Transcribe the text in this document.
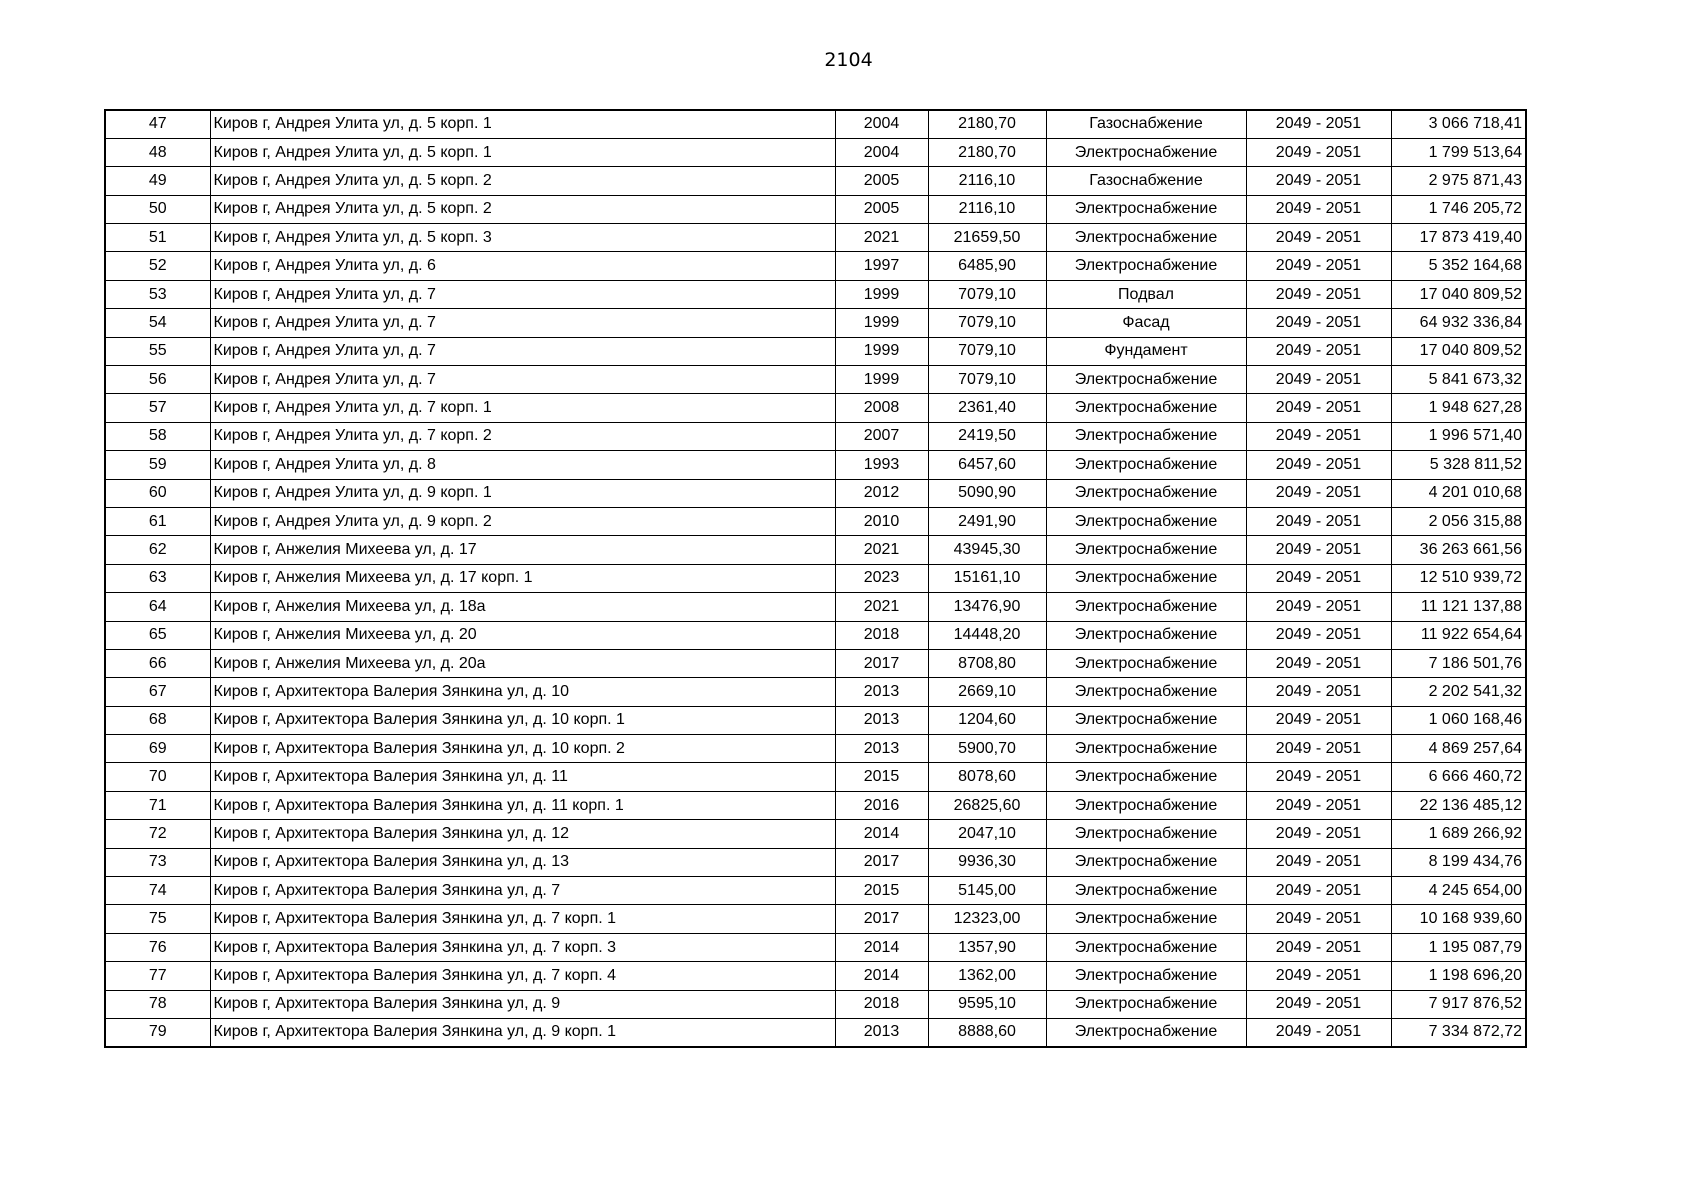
2104
47	Киров г, Андрея Улита ул, д. 5 корп. 1	2004	2180,70	Газоснабжение	2049 - 2051	3 066 718,41
48	Киров г, Андрея Улита ул, д. 5 корп. 1	2004	2180,70	Электроснабжение	2049 - 2051	1 799 513,64
49	Киров г, Андрея Улита ул, д. 5 корп. 2	2005	2116,10	Газоснабжение	2049 - 2051	2 975 871,43
50	Киров г, Андрея Улита ул, д. 5 корп. 2	2005	2116,10	Электроснабжение	2049 - 2051	1 746 205,72
51	Киров г, Андрея Улита ул, д. 5 корп. 3	2021	21659,50	Электроснабжение	2049 - 2051	17 873 419,40
52	Киров г, Андрея Улита ул, д. 6	1997	6485,90	Электроснабжение	2049 - 2051	5 352 164,68
53	Киров г, Андрея Улита ул, д. 7	1999	7079,10	Подвал	2049 - 2051	17 040 809,52
54	Киров г, Андрея Улита ул, д. 7	1999	7079,10	Фасад	2049 - 2051	64 932 336,84
55	Киров г, Андрея Улита ул, д. 7	1999	7079,10	Фундамент	2049 - 2051	17 040 809,52
56	Киров г, Андрея Улита ул, д. 7	1999	7079,10	Электроснабжение	2049 - 2051	5 841 673,32
57	Киров г, Андрея Улита ул, д. 7 корп. 1	2008	2361,40	Электроснабжение	2049 - 2051	1 948 627,28
58	Киров г, Андрея Улита ул, д. 7 корп. 2	2007	2419,50	Электроснабжение	2049 - 2051	1 996 571,40
59	Киров г, Андрея Улита ул, д. 8	1993	6457,60	Электроснабжение	2049 - 2051	5 328 811,52
60	Киров г, Андрея Улита ул, д. 9 корп. 1	2012	5090,90	Электроснабжение	2049 - 2051	4 201 010,68
61	Киров г, Андрея Улита ул, д. 9 корп. 2	2010	2491,90	Электроснабжение	2049 - 2051	2 056 315,88
62	Киров г, Анжелия Михеева ул, д. 17	2021	43945,30	Электроснабжение	2049 - 2051	36 263 661,56
63	Киров г, Анжелия Михеева ул, д. 17 корп. 1	2023	15161,10	Электроснабжение	2049 - 2051	12 510 939,72
64	Киров г, Анжелия Михеева ул, д. 18а	2021	13476,90	Электроснабжение	2049 - 2051	11 121 137,88
65	Киров г, Анжелия Михеева ул, д. 20	2018	14448,20	Электроснабжение	2049 - 2051	11 922 654,64
66	Киров г, Анжелия Михеева ул, д. 20а	2017	8708,80	Электроснабжение	2049 - 2051	7 186 501,76
67	Киров г, Архитектора Валерия Зянкина ул, д. 10	2013	2669,10	Электроснабжение	2049 - 2051	2 202 541,32
68	Киров г, Архитектора Валерия Зянкина ул, д. 10 корп. 1	2013	1204,60	Электроснабжение	2049 - 2051	1 060 168,46
69	Киров г, Архитектора Валерия Зянкина ул, д. 10 корп. 2	2013	5900,70	Электроснабжение	2049 - 2051	4 869 257,64
70	Киров г, Архитектора Валерия Зянкина ул, д. 11	2015	8078,60	Электроснабжение	2049 - 2051	6 666 460,72
71	Киров г, Архитектора Валерия Зянкина ул, д. 11 корп. 1	2016	26825,60	Электроснабжение	2049 - 2051	22 136 485,12
72	Киров г, Архитектора Валерия Зянкина ул, д. 12	2014	2047,10	Электроснабжение	2049 - 2051	1 689 266,92
73	Киров г, Архитектора Валерия Зянкина ул, д. 13	2017	9936,30	Электроснабжение	2049 - 2051	8 199 434,76
74	Киров г, Архитектора Валерия Зянкина ул, д. 7	2015	5145,00	Электроснабжение	2049 - 2051	4 245 654,00
75	Киров г, Архитектора Валерия Зянкина ул, д. 7 корп. 1	2017	12323,00	Электроснабжение	2049 - 2051	10 168 939,60
76	Киров г, Архитектора Валерия Зянкина ул, д. 7 корп. 3	2014	1357,90	Электроснабжение	2049 - 2051	1 195 087,79
77	Киров г, Архитектора Валерия Зянкина ул, д. 7 корп. 4	2014	1362,00	Электроснабжение	2049 - 2051	1 198 696,20
78	Киров г, Архитектора Валерия Зянкина ул, д. 9	2018	9595,10	Электроснабжение	2049 - 2051	7 917 876,52
79	Киров г, Архитектора Валерия Зянкина ул, д. 9 корп. 1	2013	8888,60	Электроснабжение	2049 - 2051	7 334 872,72
